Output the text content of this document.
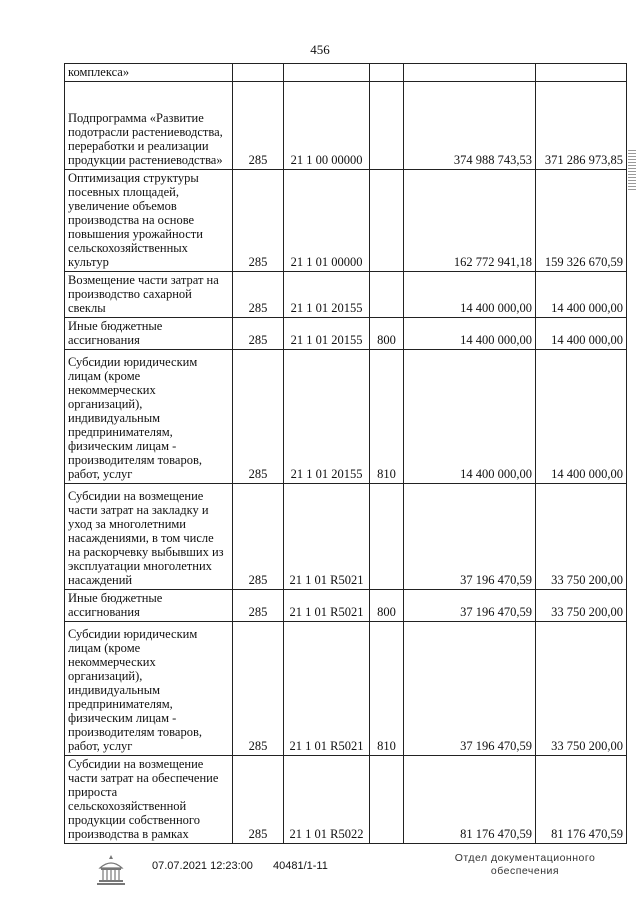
456
комплекса»					
Подпрограмма «Развитие подотрасли растениеводства, переработки и реализации продукции растениеводства»	285	21 1 00 00000		374 988 743,53	371 286 973,85
Оптимизация структуры посевных площадей, увеличение объемов производства на основе повышения урожайности сельскохозяйственных культур	285	21 1 01 00000		162 772 941,18	159 326 670,59
Возмещение части затрат на производство сахарной свеклы	285	21 1 01 20155		14 400 000,00	14 400 000,00
Иные бюджетные ассигнования	285	21 1 01 20155	800	14 400 000,00	14 400 000,00
Субсидии юридическим лицам (кроме некоммерческих организаций), индивидуальным предпринимателям, физическим лицам - производителям товаров, работ, услуг	285	21 1 01 20155	810	14 400 000,00	14 400 000,00
Субсидии на возмещение части затрат на закладку и уход за многолетними насаждениями, в том числе на раскорчевку выбывших из эксплуатации многолетних насаждений	285	21 1 01 R5021		37 196 470,59	33 750 200,00
Иные бюджетные ассигнования	285	21 1 01 R5021	800	37 196 470,59	33 750 200,00
Субсидии юридическим лицам (кроме некоммерческих организаций), индивидуальным предпринимателям, физическим лицам - производителям товаров, работ, услуг	285	21 1 01 R5021	810	37 196 470,59	33 750 200,00
Субсидии на возмещение части затрат на обеспечение прироста сельскохозяйственной продукции собственного производства в рамках	285	21 1 01 R5022		81 176 470,59	81 176 470,59
07.07.2021 12:23:00 40481/1-11
Отдел документационного
обеспечения
